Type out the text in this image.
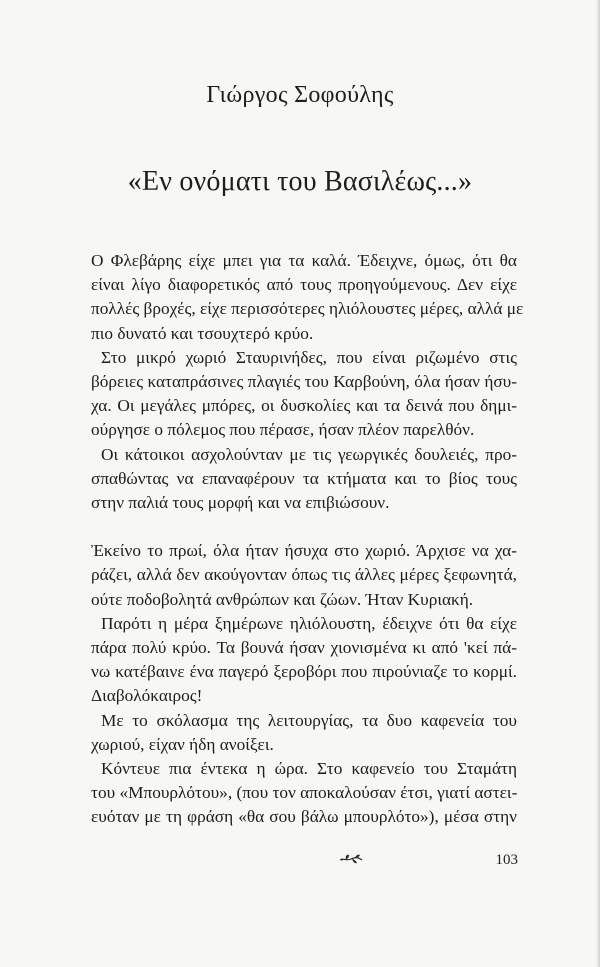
Γιώργος Σοφούλης
«Εν ονόματι του Βασιλέως...»

Ο Φλεβάρης είχε μπει για τα καλά. Έδειχνε, όμως, ότι θα
είναι λίγο διαφορετικός από τους προηγούμενους. Δεν είχε
πολλές βροχές, είχε περισσότερες ηλιόλουστες μέρες, αλλά με
πιο δυνατό και τσουχτερό κρύο.

Στο μικρό χωριό Σταυρινήδες, που είναι ριζωμένο στις
βόρειες καταπράσινες πλαγιές του Καρβούνη, όλα ήσαν ήσυ-
χα. Οι μεγάλες μπόρες, οι δυσκολίες και τα δεινά που δημι-
ούργησε ο πόλεμος που πέρασε, ήσαν πλέον παρελθόν.

Οι κάτοικοι ασχολούνταν με τις γεωργικές δουλειές, προ-
σπαθώντας να επαναφέρουν τα κτήματα και το βίος τους
στην παλιά τους μορφή και να επιβιώσουν.

Ἐκείνο το πρωί, όλα ήταν ήσυχα στο χωριό. Άρχισε να χα-
ράζει, αλλά δεν ακούγονταν όπως τις άλλες μέρες ξεφωνητά,
ούτε ποδοβολητά ανθρώπων και ζώων. Ήταν Κυριακή.

Παρότι η μέρα ξημέρωνε ηλιόλουστη, έδειχνε ότι θα είχε
πάρα πολύ κρύο. Τα βουνά ήσαν χιονισμένα κι από 'κεί πά-
νω κατέβαινε ένα παγερό ξεροβόρι που πιρούνιαζε το κορμί.
Διαβολόκαιρος!

Με το σκόλασμα της λειτουργίας, τα δυο καφενεία του
χωριού, είχαν ήδη ανοίξει.

Κόντευε πια έντεκα η ώρα. Στο καφενείο του Σταμάτη
του «Μπουρλότου», (που τον αποκαλούσαν έτσι, γιατί αστει-
ευόταν με τη φράση «θα σου βάλω μπουρλότο»), μέσα στην

103
